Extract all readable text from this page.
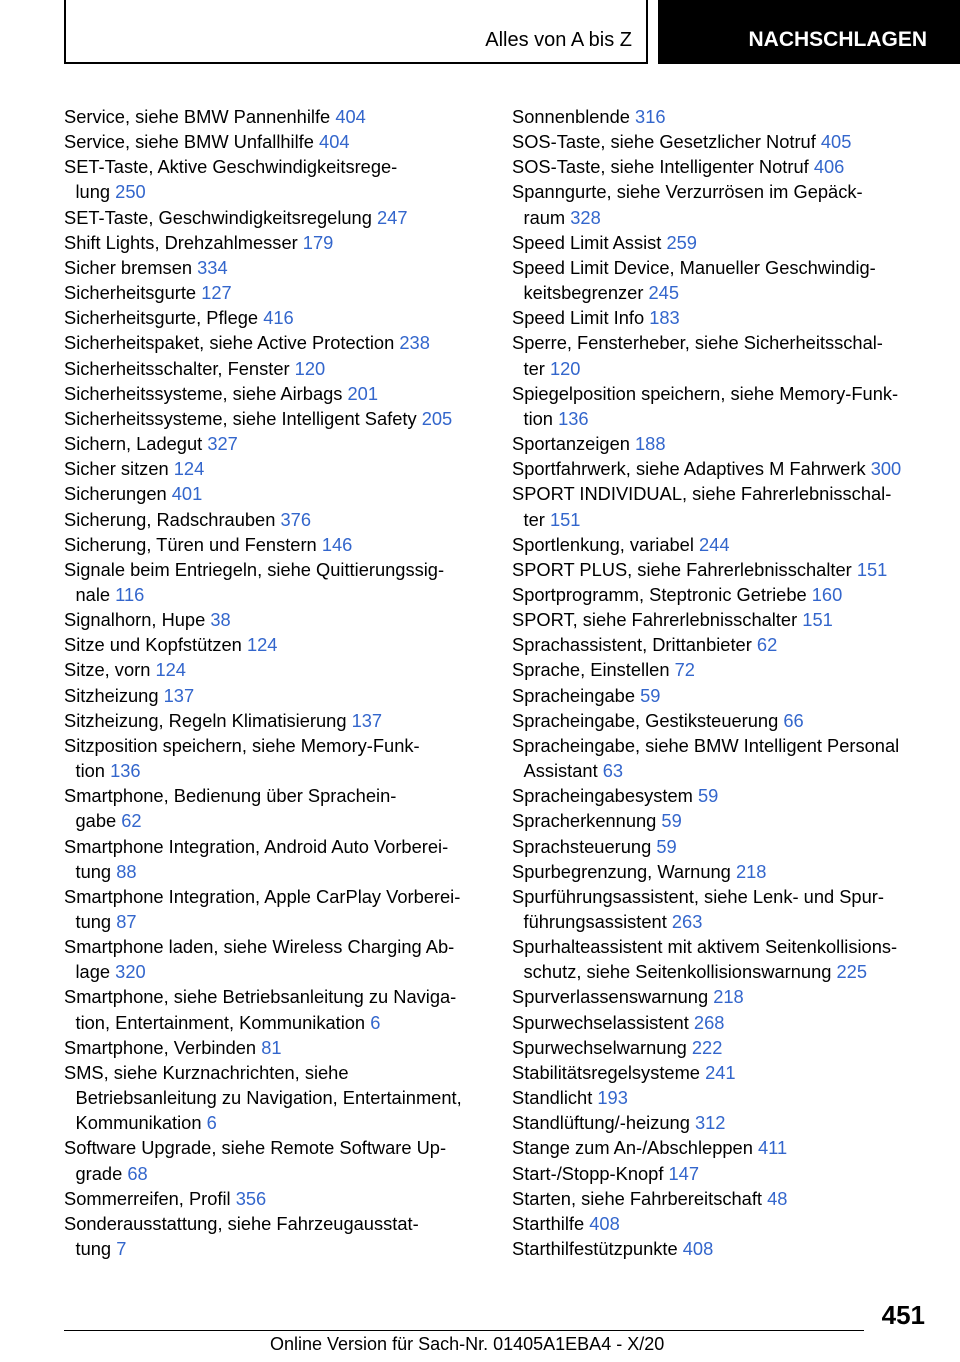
Alles von A bis Z	NACHSCHLAGEN
Service, siehe BMW Pannenhilfe 404
Service, siehe BMW Unfallhilfe 404
SET-Taste, Aktive Geschwindigkeitsrege-
lung 250
SET-Taste, Geschwindigkeitsregelung 247
Shift Lights, Drehzahlmesser 179
Sicher bremsen 334
Sicherheitsgurte 127
Sicherheitsgurte, Pflege 416
Sicherheitspaket, siehe Active Protection 238
Sicherheitsschalter, Fenster 120
Sicherheitssysteme, siehe Airbags 201
Sicherheitssysteme, siehe Intelligent Safety 205
Sichern, Ladegut 327
Sicher sitzen 124
Sicherungen 401
Sicherung, Radschrauben 376
Sicherung, Türen und Fenstern 146
Signale beim Entriegeln, siehe Quittierungssig-
nale 116
Signalhorn, Hupe 38
Sitze und Kopfstützen 124
Sitze, vorn 124
Sitzheizung 137
Sitzheizung, Regeln Klimatisierung 137
Sitzposition speichern, siehe Memory-Funk-
tion 136
Smartphone, Bedienung über Sprachein-
gabe 62
Smartphone Integration, Android Auto Vorberei-
tung 88
Smartphone Integration, Apple CarPlay Vorberei-
tung 87
Smartphone laden, siehe Wireless Charging Ab-
lage 320
Smartphone, siehe Betriebsanleitung zu Naviga-
tion, Entertainment, Kommunikation 6
Smartphone, Verbinden 81
SMS, siehe Kurznachrichten, siehe
Betriebsanleitung zu Navigation, Entertainment,
Kommunikation 6
Software Upgrade, siehe Remote Software Up-
grade 68
Sommerreifen, Profil 356
Sonderausstattung, siehe Fahrzeugausstat-
tung 7
Sonnenblende 316
SOS-Taste, siehe Gesetzlicher Notruf 405
SOS-Taste, siehe Intelligenter Notruf 406
Spanngurte, siehe Verzurrösen im Gepäck-
raum 328
Speed Limit Assist 259
Speed Limit Device, Manueller Geschwindig-
keitsbegrenzer 245
Speed Limit Info 183
Sperre, Fensterheber, siehe Sicherheitsschal-
ter 120
Spiegelposition speichern, siehe Memory-Funk-
tion 136
Sportanzeigen 188
Sportfahrwerk, siehe Adaptives M Fahrwerk 300
SPORT INDIVIDUAL, siehe Fahrerlebnisschal-
ter 151
Sportlenkung, variabel 244
SPORT PLUS, siehe Fahrerlebnisschalter 151
Sportprogramm, Steptronic Getriebe 160
SPORT, siehe Fahrerlebnisschalter 151
Sprachassistent, Drittanbieter 62
Sprache, Einstellen 72
Spracheingabe 59
Spracheingabe, Gestiksteuerung 66
Spracheingabe, siehe BMW Intelligent Personal
Assistant 63
Spracheingabesystem 59
Spracherkennung 59
Sprachsteuerung 59
Spurbegrenzung, Warnung 218
Spurführungsassistent, siehe Lenk- und Spur-
führungsassistent 263
Spurhalteassistent mit aktivem Seitenkollisions-
schutz, siehe Seitenkollisionswarnung 225
Spurverlassenswarnung 218
Spurwechselassistent 268
Spurwechselwarnung 222
Stabilitätsregelsysteme 241
Standlicht 193
Standlüftung/-heizung 312
Stange zum An-/Abschleppen 411
Start-/Stopp-Knopf 147
Starten, siehe Fahrbereitschaft 48
Starthilfe 408
Starthilfestützpunkte 408
451
Online Version für Sach-Nr. 01405A1EBA4 - X/20
